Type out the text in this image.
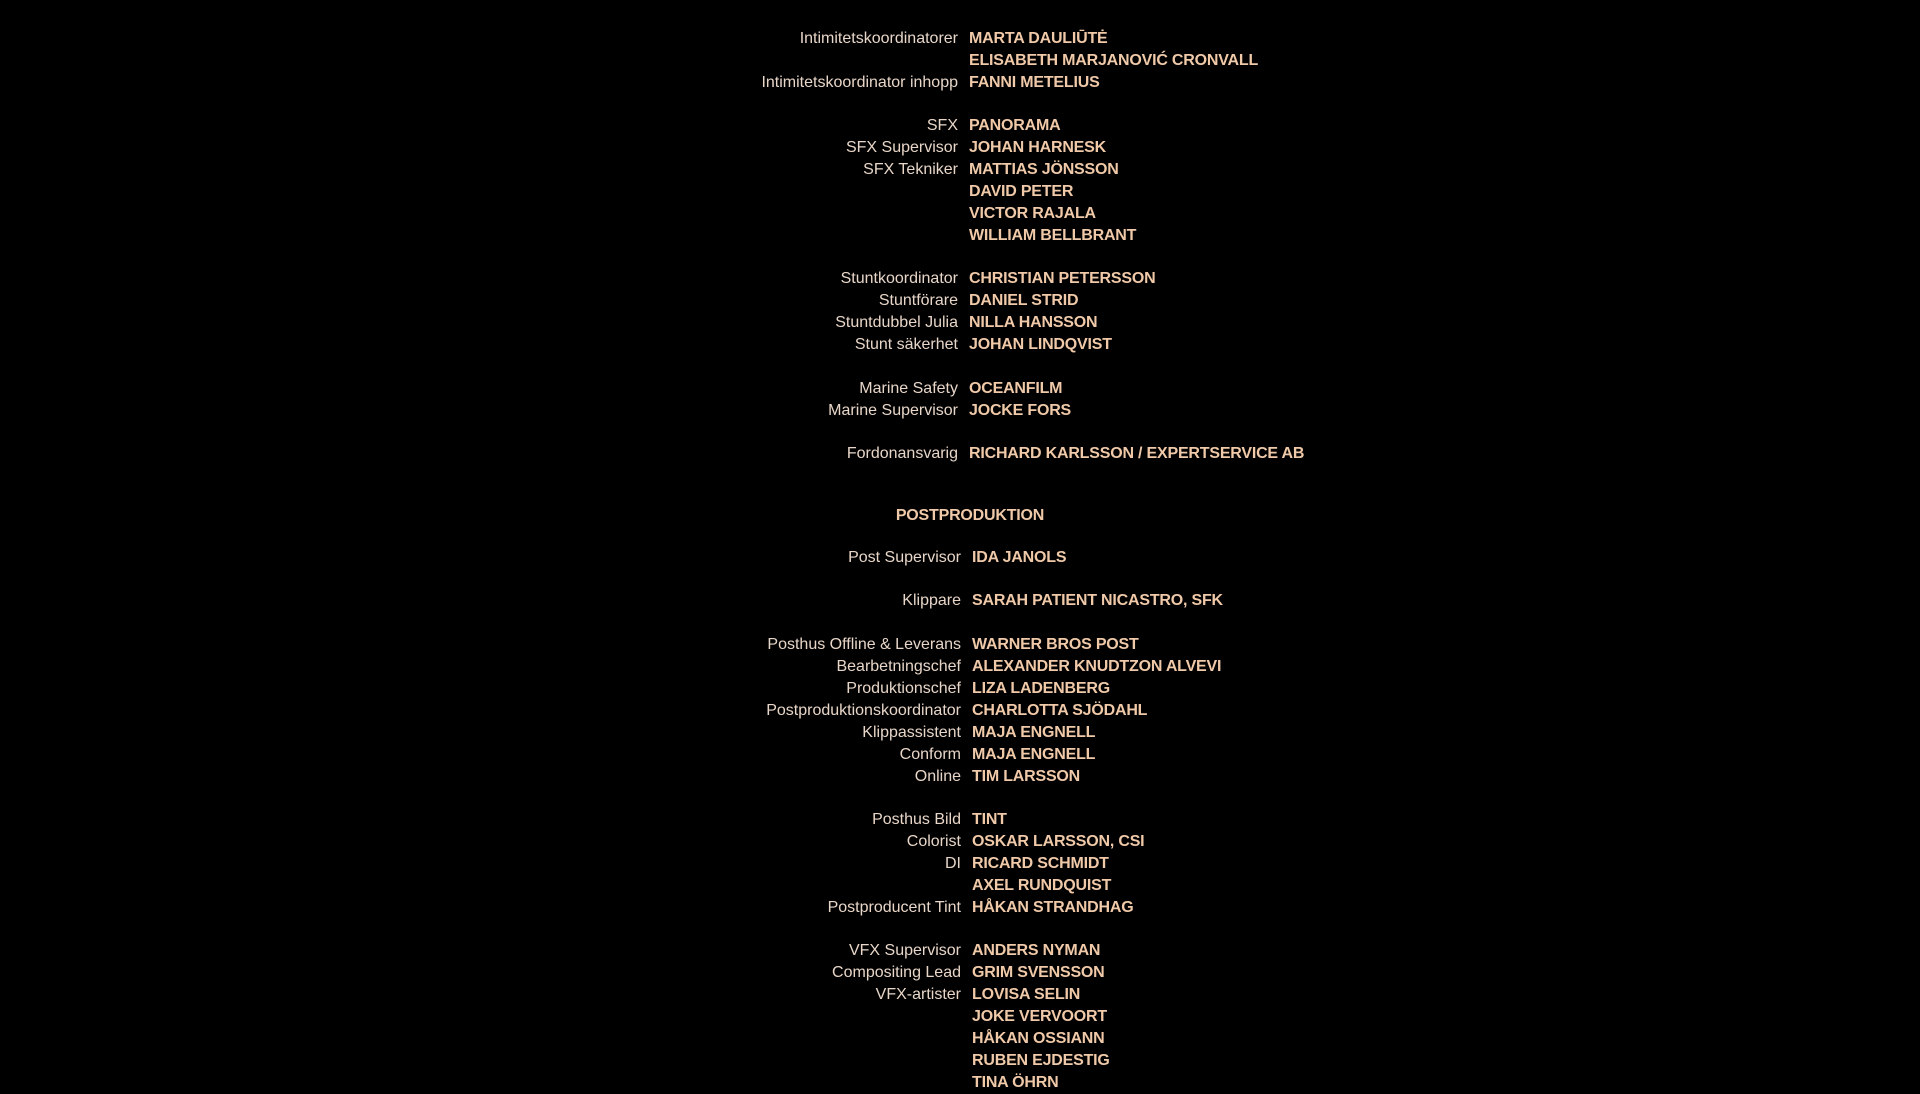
POSTPRODUKTION
Intimitetskoordinatorer MARTA DAULIŪTĖ
ELISABETH MARJANOVIĆ CRONVALL
Intimitetskoordinator inhopp FANNI METELIUS
SFX PANORAMA
SFX Supervisor JOHAN HARNESK
SFX Tekniker MATTIAS JÖNSSON
DAVID PETER
VICTOR RAJALA
WILLIAM BELLBRANT
Stuntkoordinator CHRISTIAN PETERSSON
Stuntförare DANIEL STRID
Stuntdubbel Julia NILLA HANSSON
Stunt säkerhet JOHAN LINDQVIST
Marine Safety OCEANFILM
Marine Supervisor JOCKE FORS
Fordonansvarig RICHARD KARLSSON / EXPERTSERVICE AB
Post Supervisor IDA JANOLS
Klippare SARAH PATIENT NICASTRO, SFK
Posthus Offline & Leverans WARNER BROS POST
Bearbetningschef ALEXANDER KNUDTZON ALVEVI
Produktionschef LIZA LADENBERG
Postproduktionskoordinator CHARLOTTA SJÖDAHL
Klippassistent MAJA ENGNELL
Conform MAJA ENGNELL
Online TIM LARSSON
Posthus Bild TINT
Colorist OSKAR LARSSON, CSI
DI RICARD SCHMIDT
AXEL RUNDQUIST
Postproducent Tint HÅKAN STRANDHAG
VFX Supervisor ANDERS NYMAN
Compositing Lead GRIM SVENSSON
VFX-artister LOVISA SELIN
JOKE VERVOORT
HÅKAN OSSIANN
RUBEN EJDESTIG
TINA ÖHRN
